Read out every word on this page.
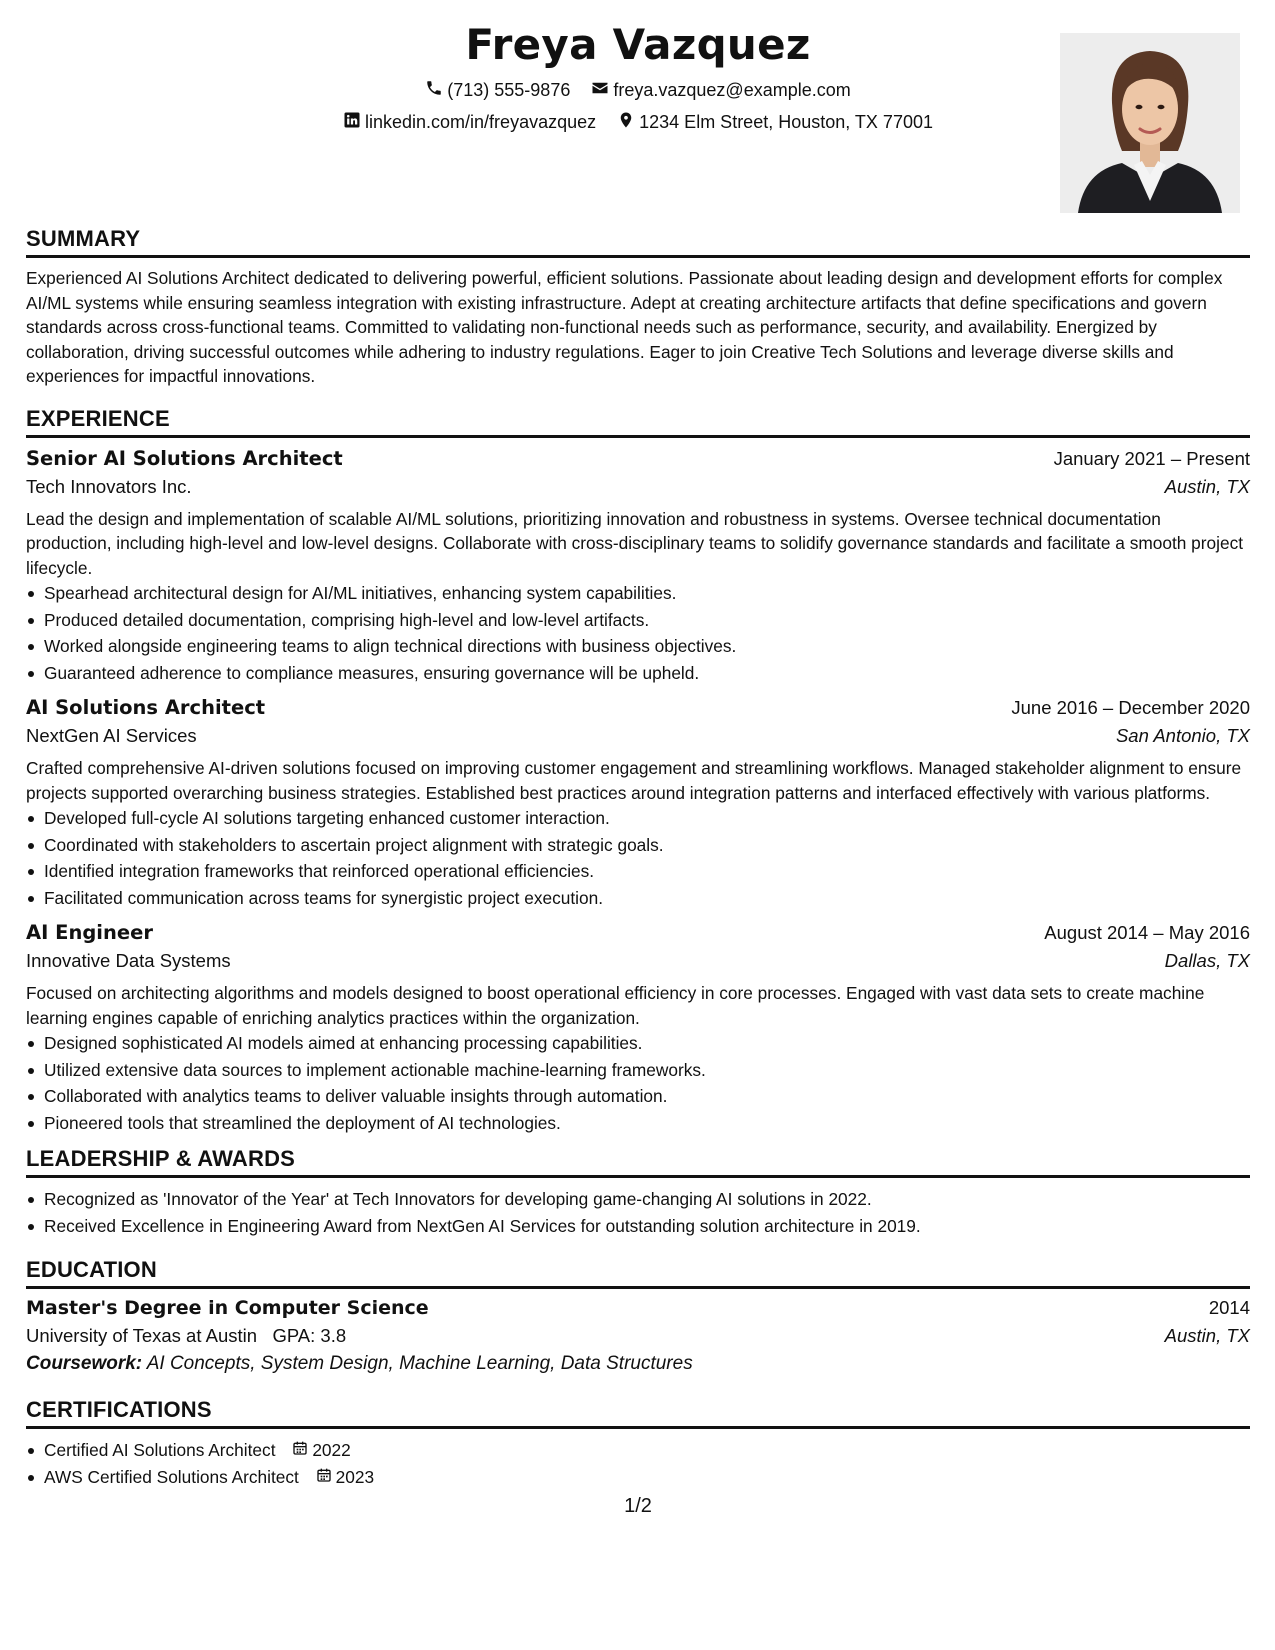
Freya Vazquez
(713) 555-9876
freya.vazquez@example.com
linkedin.com/in/freyavazquez
1234 Elm Street, Houston, TX 77001
SUMMARY
Experienced AI Solutions Architect dedicated to delivering powerful, efficient solutions. Passionate about leading design and development efforts for complex AI/ML systems while ensuring seamless integration with existing infrastructure. Adept at creating architecture artifacts that define specifications and govern standards across cross-functional teams. Committed to validating non-functional needs such as performance, security, and availability. Energized by collaboration, driving successful outcomes while adhering to industry regulations. Eager to join Creative Tech Solutions and leverage diverse skills and experiences for impactful innovations.
EXPERIENCE
Senior AI Solutions Architect	January 2021 – Present
Tech Innovators Inc.	Austin, TX
Lead the design and implementation of scalable AI/ML solutions, prioritizing innovation and robustness in systems. Oversee technical documentation production, including high-level and low-level designs. Collaborate with cross-disciplinary teams to solidify governance standards and facilitate a smooth project lifecycle.
Spearhead architectural design for AI/ML initiatives, enhancing system capabilities.
Produced detailed documentation, comprising high-level and low-level artifacts.
Worked alongside engineering teams to align technical directions with business objectives.
Guaranteed adherence to compliance measures, ensuring governance will be upheld.
AI Solutions Architect	June 2016 – December 2020
NextGen AI Services	San Antonio, TX
Crafted comprehensive AI-driven solutions focused on improving customer engagement and streamlining workflows. Managed stakeholder alignment to ensure projects supported overarching business strategies. Established best practices around integration patterns and interfaced effectively with various platforms.
Developed full-cycle AI solutions targeting enhanced customer interaction.
Coordinated with stakeholders to ascertain project alignment with strategic goals.
Identified integration frameworks that reinforced operational efficiencies.
Facilitated communication across teams for synergistic project execution.
AI Engineer	August 2014 – May 2016
Innovative Data Systems	Dallas, TX
Focused on architecting algorithms and models designed to boost operational efficiency in core processes. Engaged with vast data sets to create machine learning engines capable of enriching analytics practices within the organization.
Designed sophisticated AI models aimed at enhancing processing capabilities.
Utilized extensive data sources to implement actionable machine-learning frameworks.
Collaborated with analytics teams to deliver valuable insights through automation.
Pioneered tools that streamlined the deployment of AI technologies.
LEADERSHIP & AWARDS
Recognized as 'Innovator of the Year' at Tech Innovators for developing game-changing AI solutions in 2022.
Received Excellence in Engineering Award from NextGen AI Services for outstanding solution architecture in 2019.
EDUCATION
Master's Degree in Computer Science	2014
University of Texas at Austin GPA: 3.8	Austin, TX
Coursework: AI Concepts, System Design, Machine Learning, Data Structures
CERTIFICATIONS
Certified AI Solutions Architect 2022
AWS Certified Solutions Architect 2023
1/2
